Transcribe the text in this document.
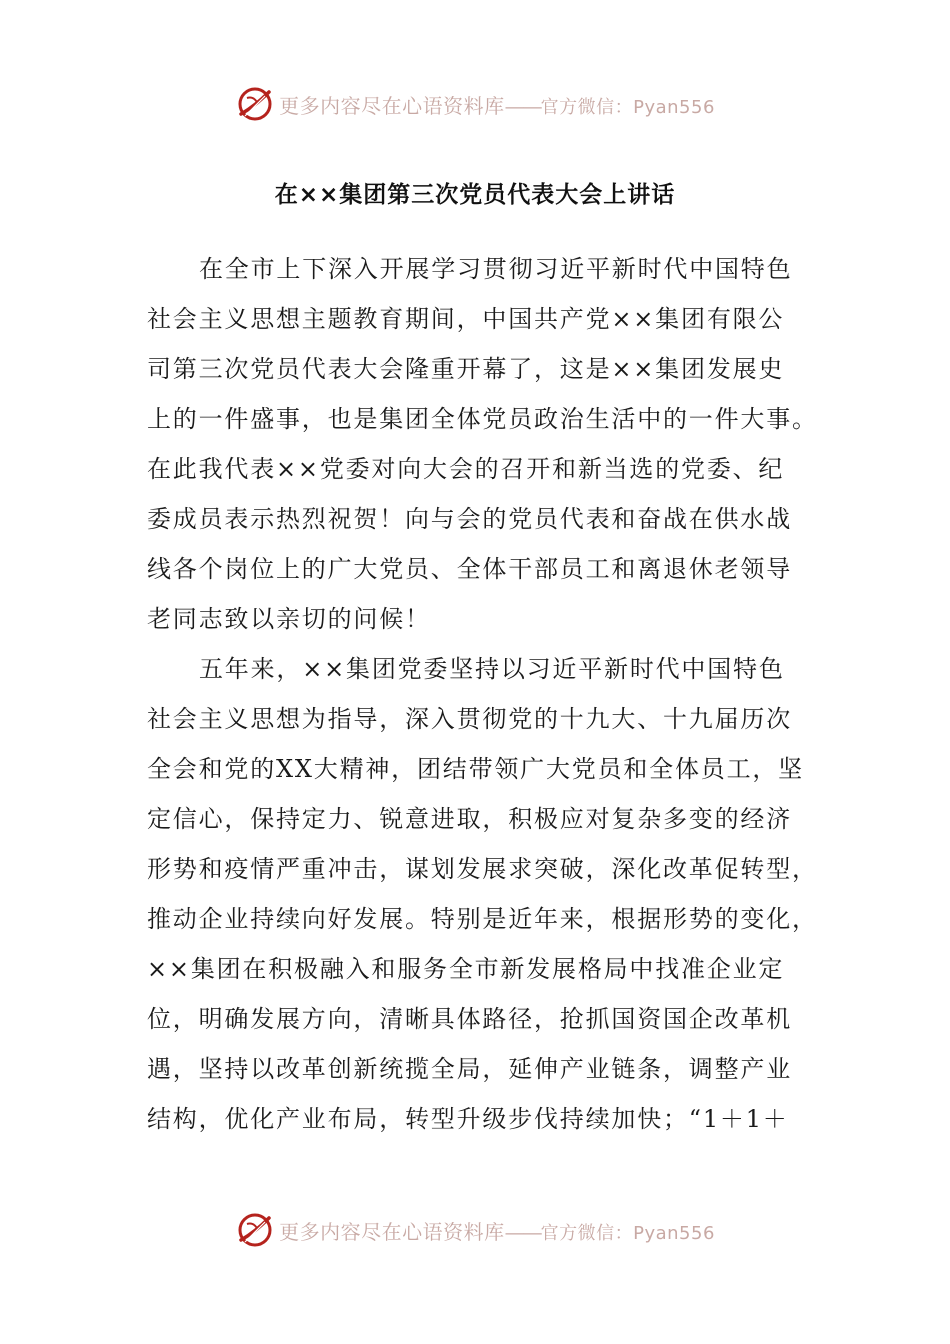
更多内容尽在心语资料库——官方微信：Pyan556
在××集团第三次党员代表大会上讲话
在全市上下深入开展学习贯彻习近平新时代中国特色
社会主义思想主题教育期间，中国共产党××集团有限公
司第三次党员代表大会隆重开幕了，这是××集团发展史
上的一件盛事，也是集团全体党员政治生活中的一件大事。
在此我代表××党委对向大会的召开和新当选的党委、纪
委成员表示热烈祝贺！向与会的党员代表和奋战在供水战
线各个岗位上的广大党员、全体干部员工和离退休老领导
老同志致以亲切的问候！
五年来，××集团党委坚持以习近平新时代中国特色
社会主义思想为指导，深入贯彻党的十九大、十九届历次
全会和党的XX大精神，团结带领广大党员和全体员工，坚
定信心，保持定力、锐意进取，积极应对复杂多变的经济
形势和疫情严重冲击，谋划发展求突破，深化改革促转型，
推动企业持续向好发展。特别是近年来，根据形势的变化，
××集团在积极融入和服务全市新发展格局中找准企业定
位，明确发展方向，清晰具体路径，抢抓国资国企改革机
遇，坚持以改革创新统揽全局，延伸产业链条，调整产业
结构，优化产业布局，转型升级步伐持续加快；“1＋1＋
更多内容尽在心语资料库——官方微信：Pyan556
